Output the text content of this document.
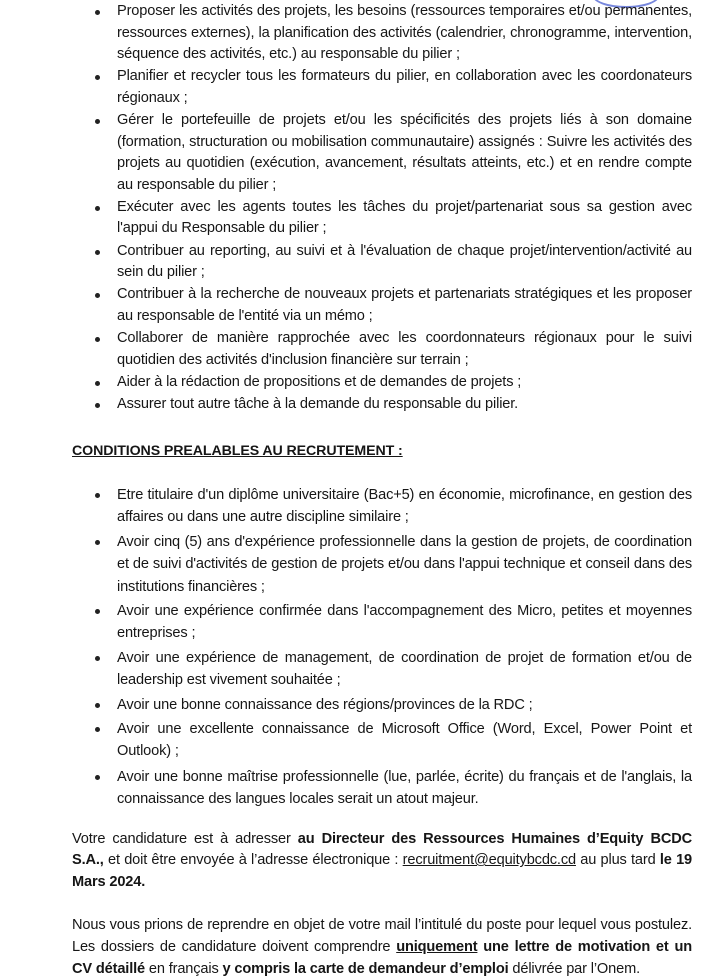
Proposer les activités des projets, les besoins (ressources temporaires et/ou permanentes, ressources externes), la planification des activités (calendrier, chronogramme, intervention, séquence des activités, etc.) au responsable du pilier ;
Planifier et recycler tous les formateurs du pilier, en collaboration avec les coordonateurs régionaux ;
Gérer le portefeuille de projets et/ou les spécificités des projets liés à son domaine (formation, structuration ou mobilisation communautaire) assignés : Suivre les activités des projets au quotidien (exécution, avancement, résultats atteints, etc.) et en rendre compte au responsable du pilier ;
Exécuter avec les agents toutes les tâches du projet/partenariat sous sa gestion avec l'appui du Responsable du pilier ;
Contribuer au reporting, au suivi et à l'évaluation de chaque projet/intervention/activité au sein du pilier ;
Contribuer à la recherche de nouveaux projets et partenariats stratégiques et les proposer au responsable de l'entité via un mémo ;
Collaborer de manière rapprochée avec les coordonnateurs régionaux pour le suivi quotidien des activités d'inclusion financière sur terrain ;
Aider à la rédaction de propositions et de demandes de projets ;
Assurer tout autre tâche à la demande du responsable du pilier.
CONDITIONS PREALABLES AU RECRUTEMENT :
Etre titulaire d'un diplôme universitaire (Bac+5) en économie, microfinance, en gestion des affaires ou dans une autre discipline similaire ;
Avoir cinq (5) ans d'expérience professionnelle dans la gestion de projets, de coordination et de suivi d'activités de gestion de projets et/ou dans l'appui technique et conseil dans des institutions financières ;
Avoir une expérience confirmée dans l'accompagnement des Micro, petites et moyennes entreprises ;
Avoir une expérience de management, de coordination de projet de formation et/ou de leadership est vivement souhaitée ;
Avoir une bonne connaissance des régions/provinces de la RDC ;
Avoir une excellente connaissance de Microsoft Office (Word, Excel, Power Point et Outlook) ;
Avoir une bonne maîtrise professionnelle (lue, parlée, écrite) du français et de l'anglais, la connaissance des langues locales serait un atout majeur.

Votre candidature est à adresser au Directeur des Ressources Humaines d’Equity BCDC S.A., et doit être envoyée à l’adresse électronique : recruitment@equitybcdc.cd au plus tard le 19 Mars 2024.

Nous vous prions de reprendre en objet de votre mail l’intitulé du poste pour lequel vous postulez. Les dossiers de candidature doivent comprendre uniquement une lettre de motivation et un CV détaillé en français y compris la carte de demandeur d’emploi délivrée par l’Onem.
